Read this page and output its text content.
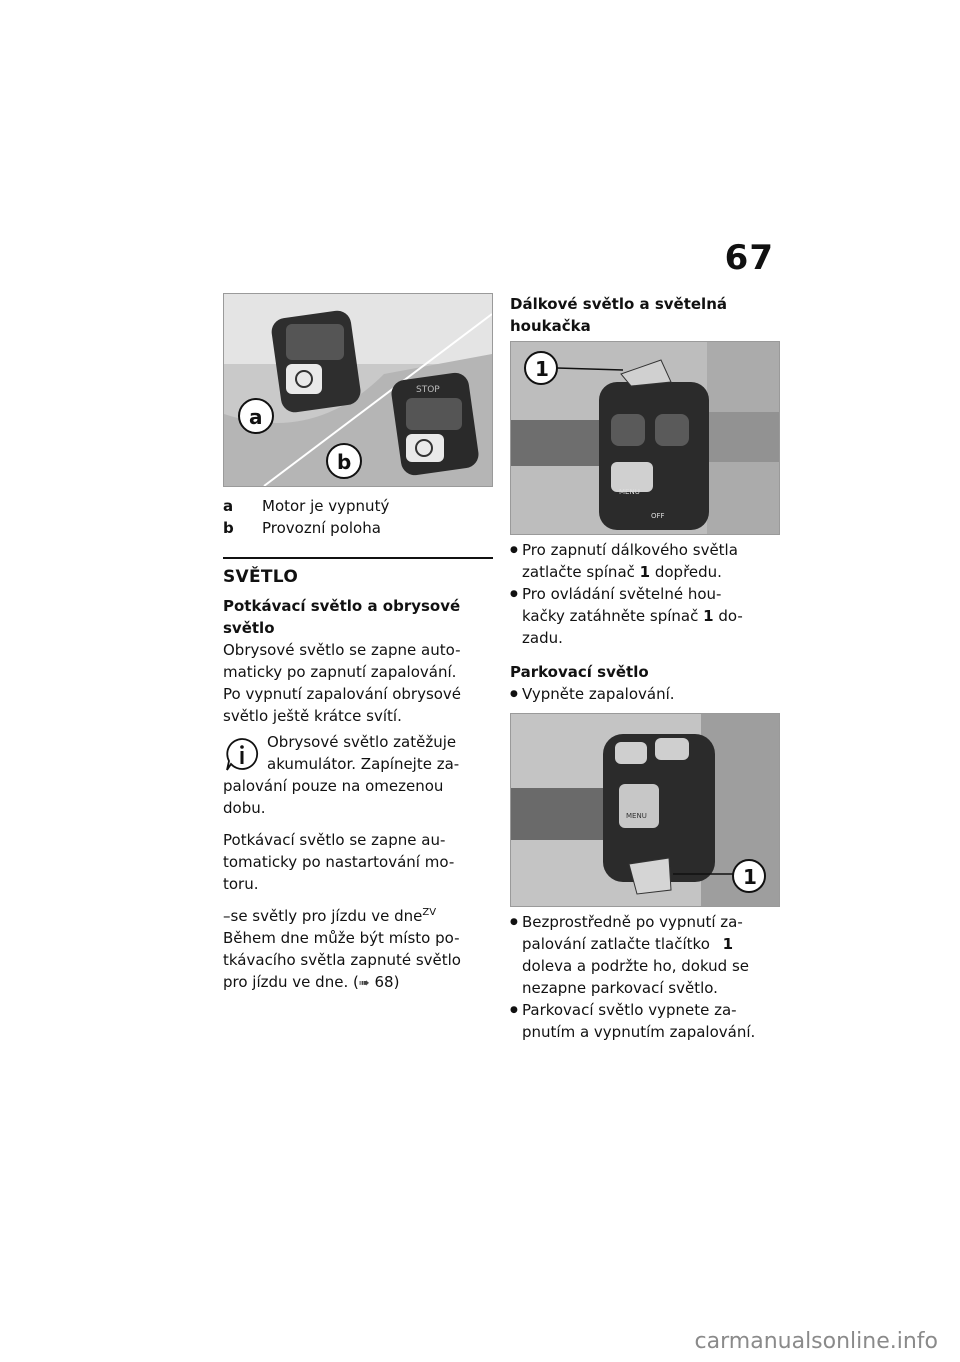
67
STOP
a
b
a	Motor je vypnutý
b	Provozní poloha
SVĚTLO
Potkávací světlo a obrysové
světlo

Obrysové světlo se zapne auto-

maticky po zapnutí zapalování.

Po vypnutí zapalování obrysové

světlo ještě krátce svítí.

Obrysové světlo zatěžuje

akumulátor. Zapínejte za-

palování pouze na omezenou

dobu.

Potkávací světlo se zapne au-

tomaticky po nastartování mo-

toru.

–se světly pro jízdu ve dne$^{ZV}$

Během dne může být místo po-

tkávacího světla zapnuté světlo

pro jízdu ve dne. (➠ 68)

Dálkové světlo a světelná
houkačka
MENU
OFF
1
● Pro zapnutí dálkového světla
zatlačte spínač 1 dopředu.
● Pro ovládání světelné hou-
kačky zatáhněte spínač 1 do-
zadu.
Parkovací světlo
● Vypněte zapalování.
MENU
1
● Bezprostředně po vypnutí za-
palování zatlačte tlačítko 1
doleva a podržte ho, dokud se
nezapne parkovací světlo.
● Parkovací světlo vypnete za-
pnutím a vypnutím zapalování.
carmanualsonline.info
